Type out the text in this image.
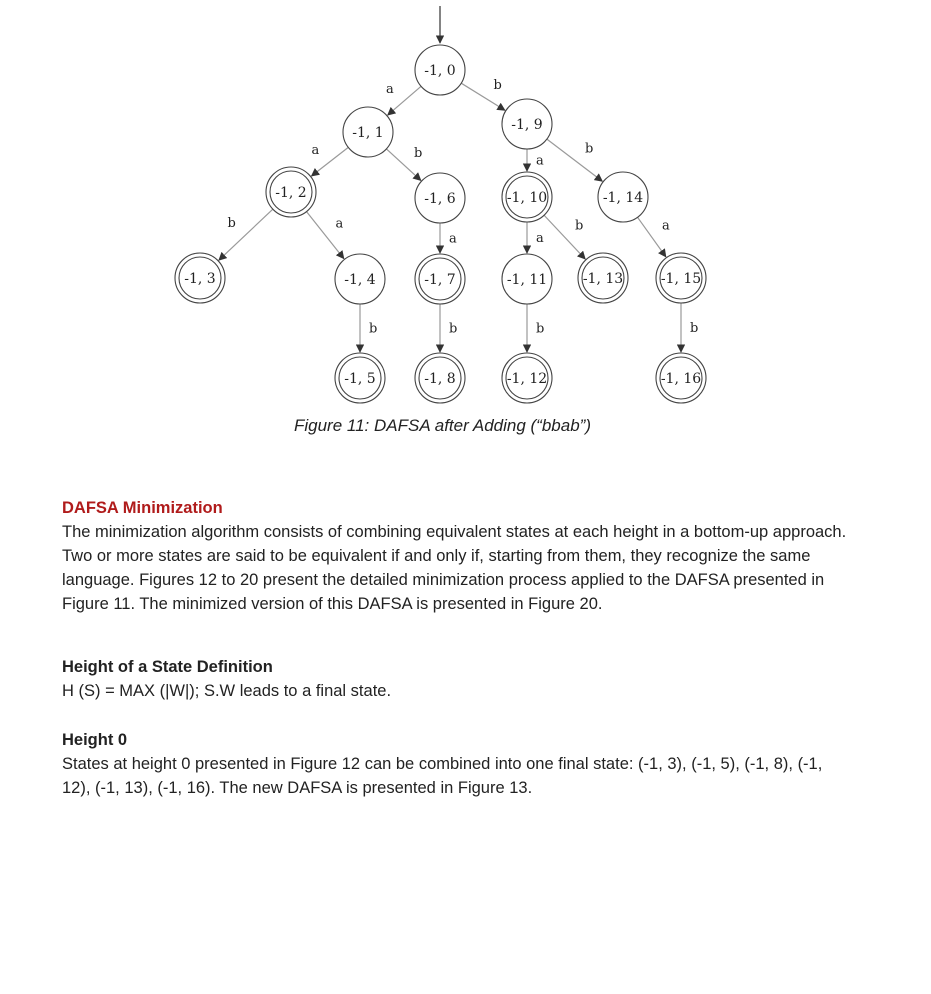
a	b
a	b	a
b
b	a
a	a
b	a
b	b	b	b
-1, 0
-1, 1	-1, 9
-1, 2	-1, 6	-1, 10	-1, 14
-1, 3	-1, 4	-1, 7	-1, 11	-1, 13	-1, 15
-1, 5	-1, 8	-1, 12	-1, 16
Figure 11: DAFSA after Adding (“bbab”)

DAFSA Minimization

The minimization algorithm consists of combining equivalent states at each height in a bottom-up approach. Two or more states are said to be equivalent if and only if, starting from them, they recognize the same language. Figures 12 to 20 present the detailed minimization process applied to the DAFSA presented in Figure 11. The minimized version of this DAFSA is presented in Figure 20.

Height of a State Definition

H (S) = MAX (|W|); S.W leads to a final state.

Height 0

States at height 0 presented in Figure 12 can be combined into one final state: (-1, 3), (-1, 5), (-1, 8), (-1, 12), (-1, 13), (-1, 16). The new DAFSA is presented in Figure 13.
